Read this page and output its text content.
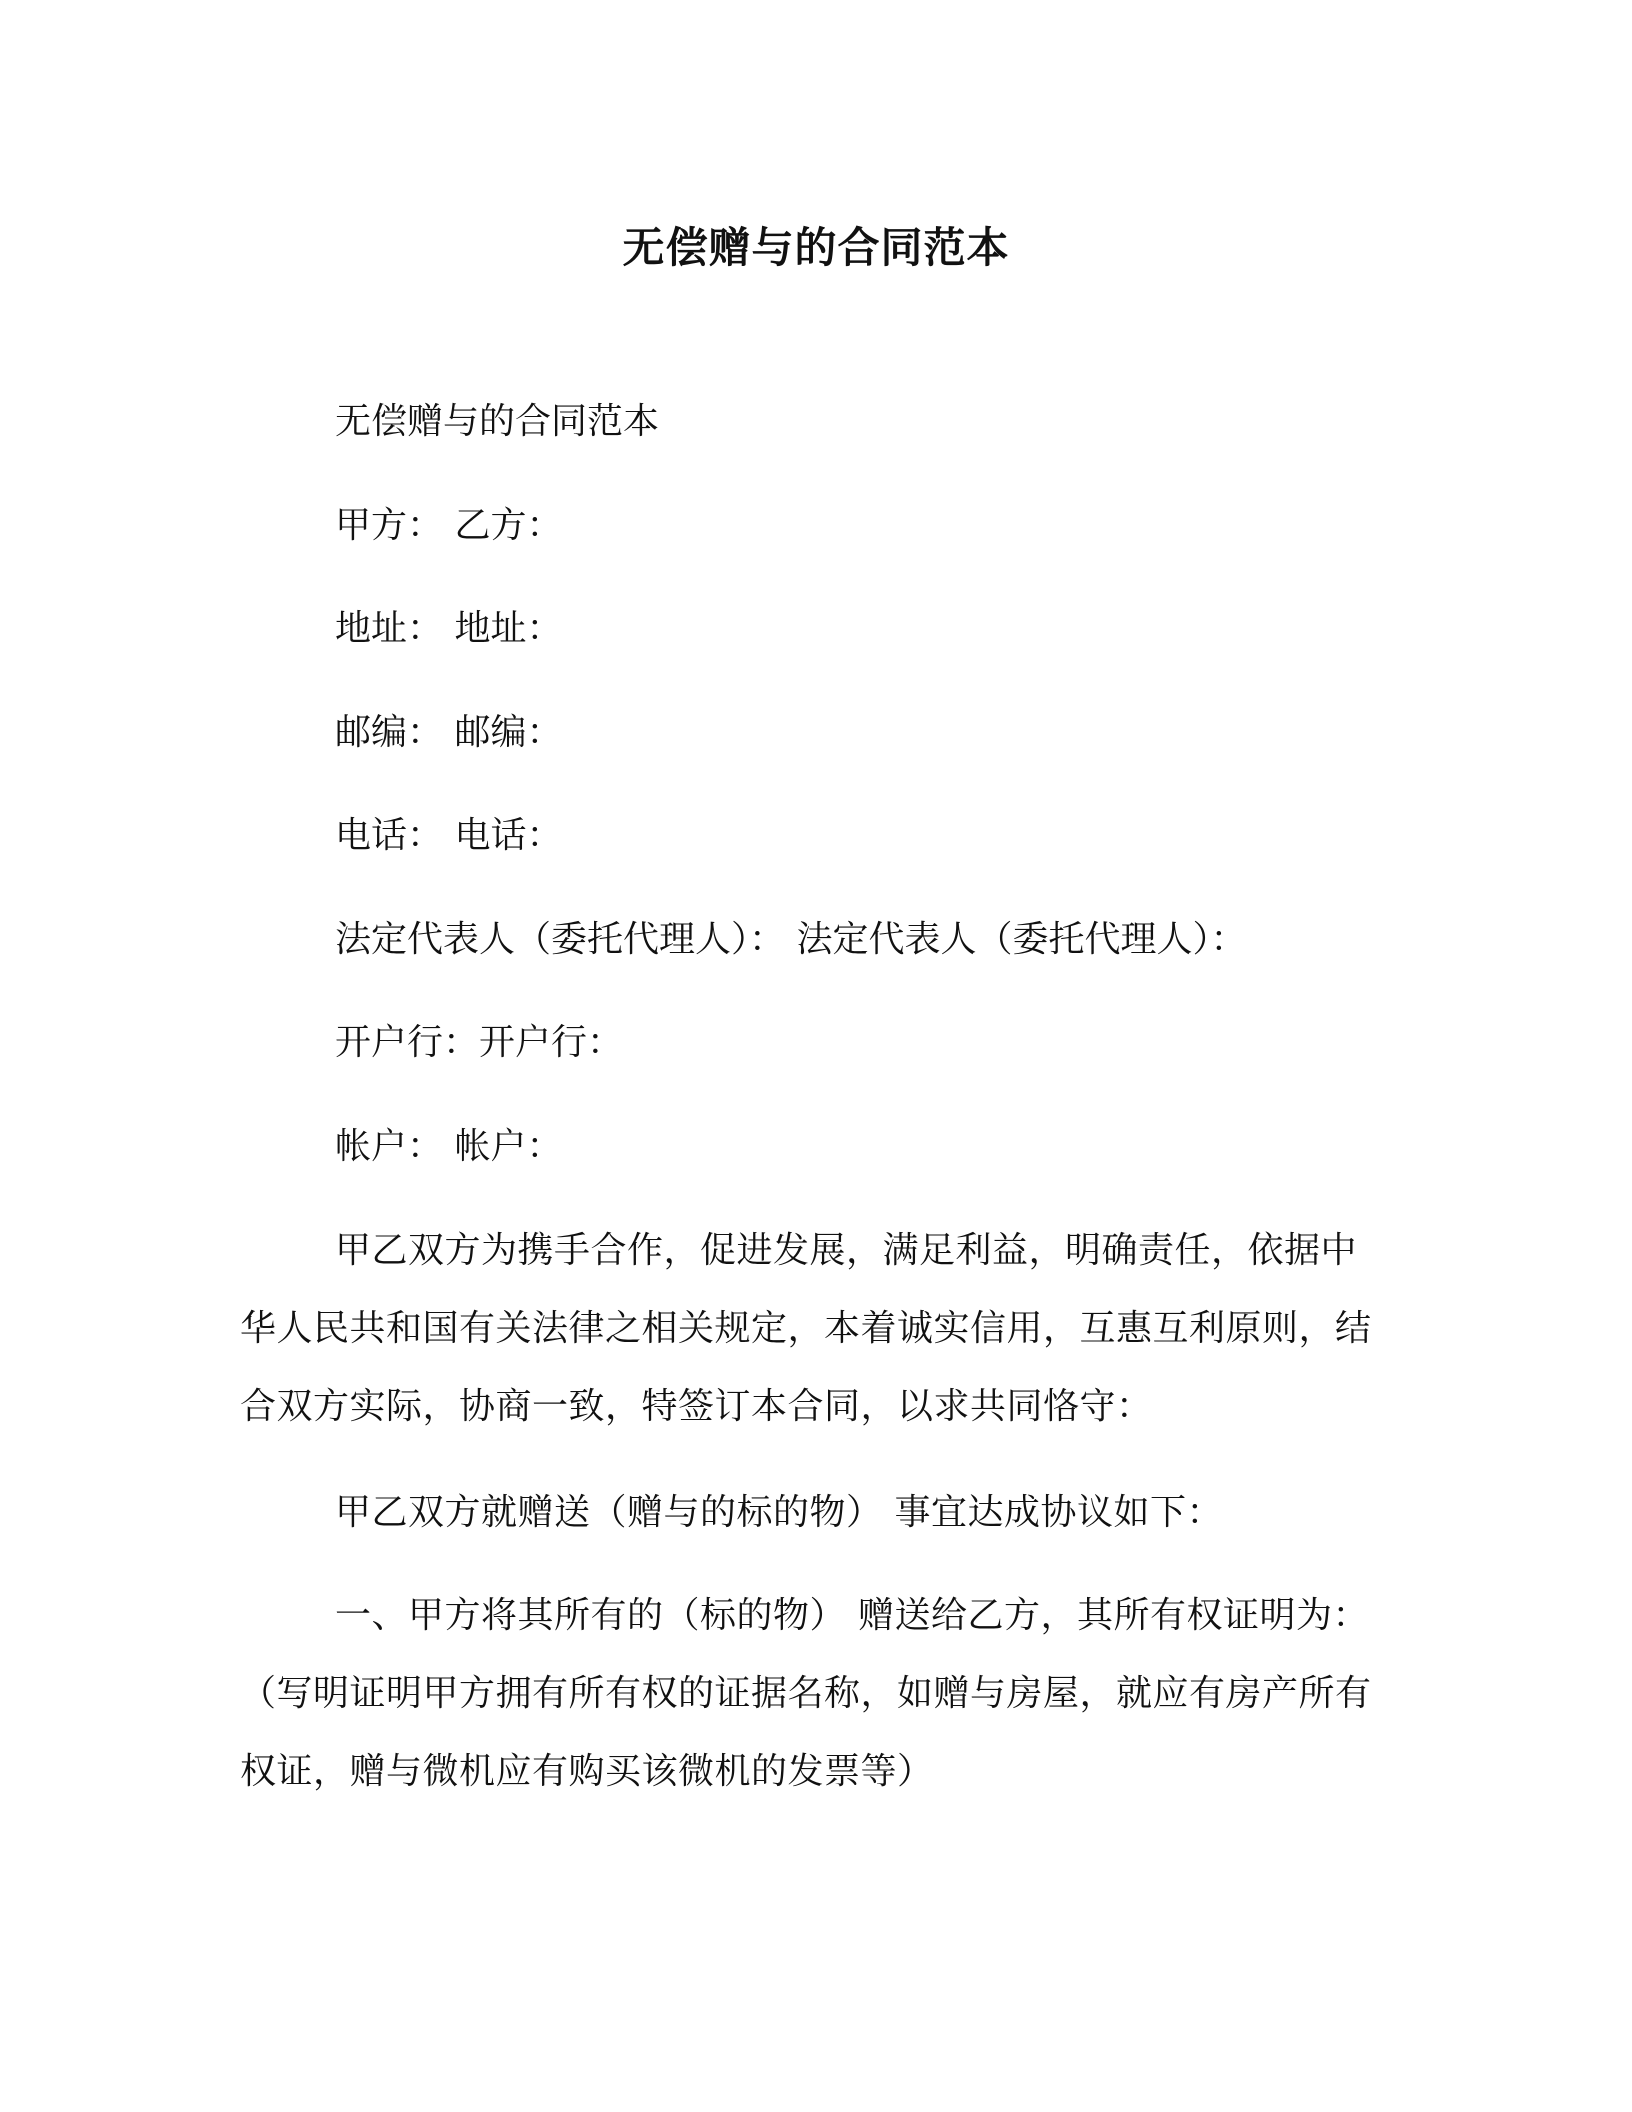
无偿赠与的合同范本

无偿赠与的合同范本

甲方： 乙方：

地址： 地址：

邮编： 邮编：

电话： 电话：

法定代表人（委托代理人）： 法定代表人（委托代理人）：

开户行：开户行：

帐户： 帐户：

甲乙双方为携手合作，促进发展，满足利益，明确责任，依据中华人民共和国有关法律之相关规定，本着诚实信用，互惠互利原则，结合双方实际，协商一致，特签订本合同，以求共同恪守：

甲乙双方就赠送（赠与的标的物） 事宜达成协议如下：

一、甲方将其所有的（标的物） 赠送给乙方，其所有权证明为：（写明证明甲方拥有所有权的证据名称，如赠与房屋，就应有房产所有权证，赠与微机应有购买该微机的发票等）
